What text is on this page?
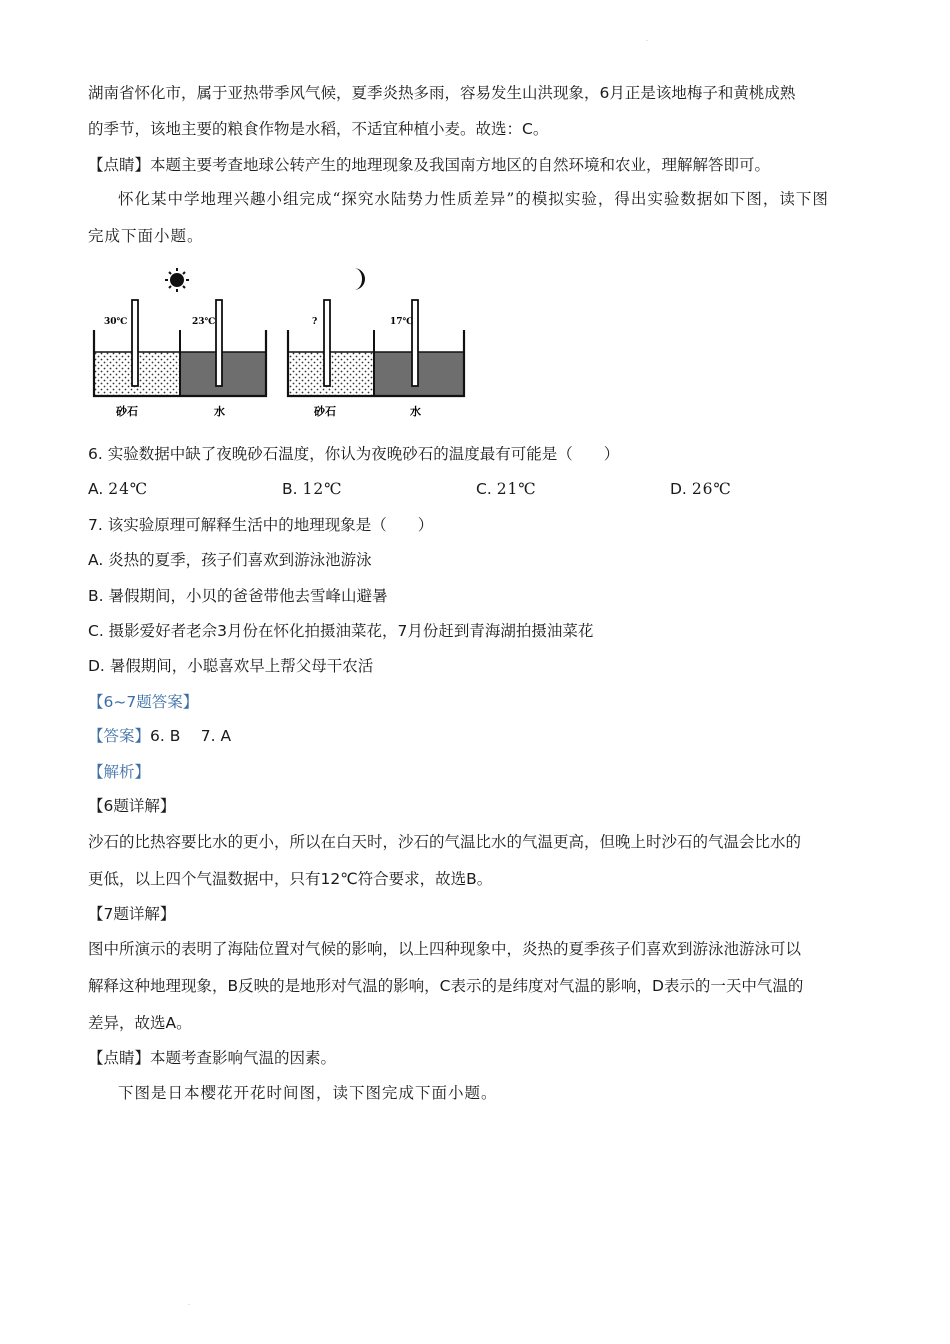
·
湖南省怀化市，属于亚热带季风气候，夏季炎热多雨，容易发生山洪现象，6月正是该地梅子和黄桃成熟
的季节，该地主要的粮食作物是水稻，不适宜种植小麦。故选：C。
【点睛】本题主要考查地球公转产生的地理现象及我国南方地区的自然环境和农业，理解解答即可。
怀化某中学地理兴趣小组完成“探究水陆势力性质差异”的模拟实验，得出实验数据如下图，读下图
完成下面小题。
30℃	23℃
砂石	水
?	17℃
砂石	水
6. 实验数据中缺了夜晚砂石温度，你认为夜晚砂石的温度最有可能是（　　）
A. 24℃	B. 12℃	C. 21℃	D. 26℃
7. 该实验原理可解释生活中的地理现象是（　　）
A. 炎热的夏季，孩子们喜欢到游泳池游泳
B. 暑假期间，小贝的爸爸带他去雪峰山避暑
C. 摄影爱好者老佘3月份在怀化拍摄油菜花，7月份赶到青海湖拍摄油菜花
D. 暑假期间，小聪喜欢早上帮父母干农活
【6~7题答案】
【答案】6. B　 7. A
【解析】
【6题详解】
沙石的比热容要比水的更小，所以在白天时，沙石的气温比水的气温更高，但晚上时沙石的气温会比水的
更低，以上四个气温数据中，只有12℃符合要求，故选B。
【7题详解】
图中所演示的表明了海陆位置对气候的影响，以上四种现象中，炎热的夏季孩子们喜欢到游泳池游泳可以
解释这种地理现象，B反映的是地形对气温的影响，C表示的是纬度对气温的影响，D表示的一天中气温的
差异，故选A。
【点睛】本题考查影响气温的因素。
下图是日本樱花开花时间图，读下图完成下面小题。
·
